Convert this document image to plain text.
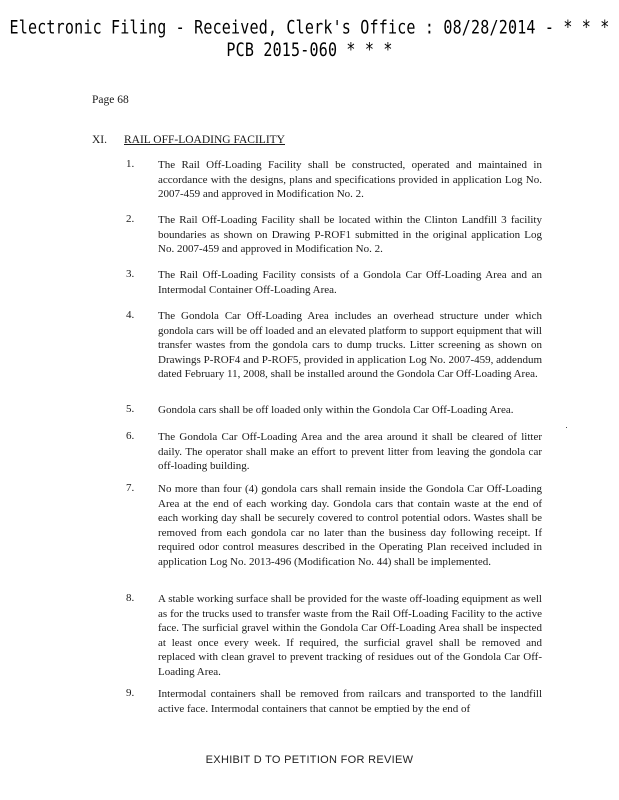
Electronic Filing - Received, Clerk's Office : 08/28/2014 - * * * PCB 2015-060 * * *
Page 68
XI. RAIL OFF-LOADING FACILITY
1. The Rail Off-Loading Facility shall be constructed, operated and maintained in accordance with the designs, plans and specifications provided in application Log No. 2007-459 and approved in Modification No. 2.
2. The Rail Off-Loading Facility shall be located within the Clinton Landfill 3 facility boundaries as shown on Drawing P-ROF1 submitted in the original application Log No. 2007-459 and approved in Modification No. 2.
3. The Rail Off-Loading Facility consists of a Gondola Car Off-Loading Area and an Intermodal Container Off-Loading Area.
4. The Gondola Car Off-Loading Area includes an overhead structure under which gondola cars will be off loaded and an elevated platform to support equipment that will transfer wastes from the gondola cars to dump trucks. Litter screening as shown on Drawings P-ROF4 and P-ROF5, provided in application Log No. 2007-459, addendum dated February 11, 2008, shall be installed around the Gondola Car Off-Loading Area.
5. Gondola cars shall be off loaded only within the Gondola Car Off-Loading Area.
6. The Gondola Car Off-Loading Area and the area around it shall be cleared of litter daily. The operator shall make an effort to prevent litter from leaving the gondola car off-loading building.
7. No more than four (4) gondola cars shall remain inside the Gondola Car Off-Loading Area at the end of each working day. Gondola cars that contain waste at the end of each working day shall be securely covered to control potential odors. Wastes shall be removed from each gondola car no later than the business day following receipt. If required odor control measures described in the Operating Plan received included in application Log No. 2013-496 (Modification No. 44) shall be implemented.
8. A stable working surface shall be provided for the waste off-loading equipment as well as for the trucks used to transfer waste from the Rail Off-Loading Facility to the active face. The surficial gravel within the Gondola Car Off-Loading Area shall be inspected at least once every week. If required, the surficial gravel shall be removed and replaced with clean gravel to prevent tracking of residues out of the Gondola Car Off-Loading Area.
9. Intermodal containers shall be removed from railcars and transported to the landfill active face. Intermodal containers that cannot be emptied by the end of
EXHIBIT D TO PETITION FOR REVIEW
